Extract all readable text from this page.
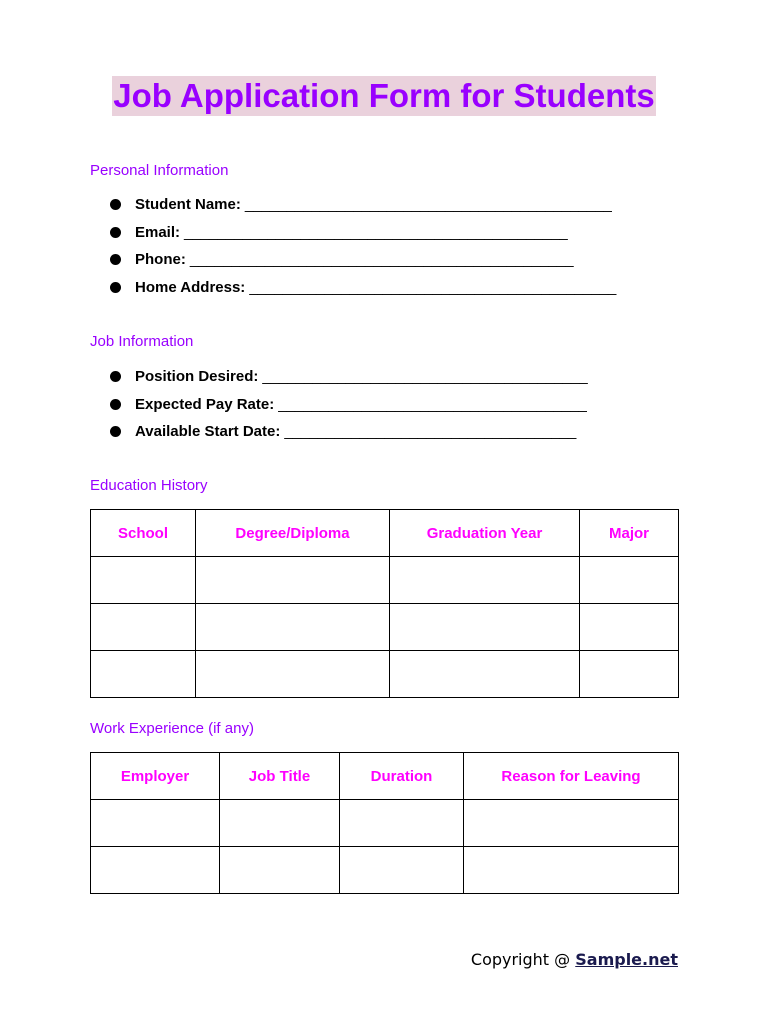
Job Application Form for Students
Personal Information
Student Name: ____________________________________________
Email: ______________________________________________
Phone: ______________________________________________
Home Address: ____________________________________________
Job Information
Position Desired: _______________________________________
Expected Pay Rate: _____________________________________
Available Start Date: ___________________________________
Education History
School	Degree/Diploma	Graduation Year	Major

Work Experience (if any)
Employer	Job Title	Duration	Reason for Leaving

Copyright @ Sample.net
